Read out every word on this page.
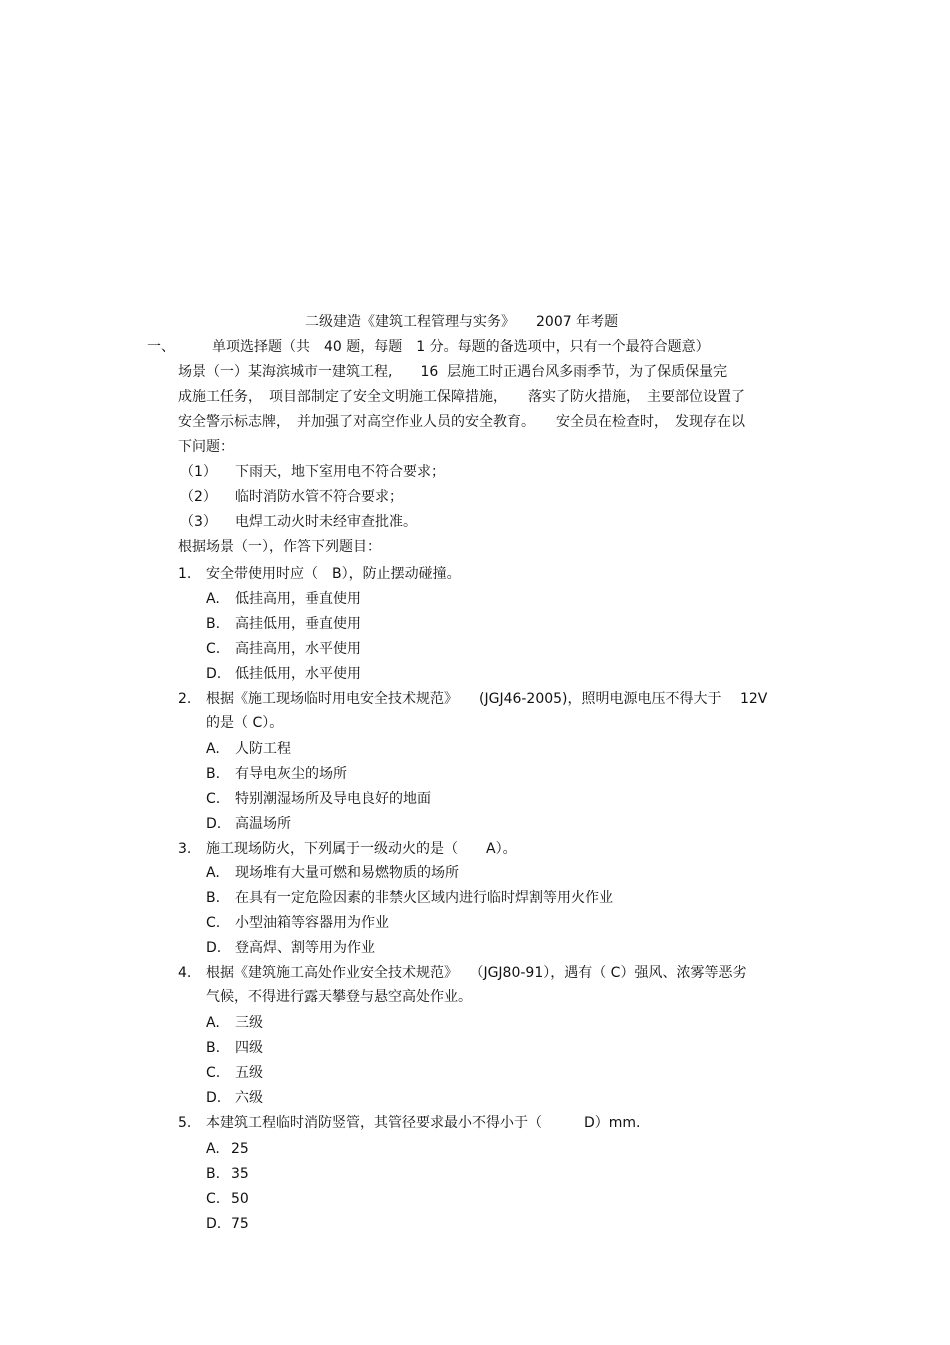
二级建造《建筑工程管理与实务》　　2007 年考题
一、	单项选择题（共　40 题，每题　1 分。每题的备选项中，只有一个最符合题意）
场景（一）某海滨城市一建筑工程,　　16  层施工时正遇台风多雨季节，为了保质保量完
成施工任务，　项目部制定了安全文明施工保障措施，　　落实了防火措施，　主要部位设置了
安全警示标志牌，　并加强了对高空作业人员的安全教育。　　安全员在检查时，　发现存在以
下问题：
（1） 下雨天，地下室用电不符合要求；
（2） 临时消防水管不符合要求；
（3） 电焊工动火时未经审查批准。
根据场景（一），作答下列题目：
1. 安全带使用时应（　B），防止摆动碰撞。
A. 低挂高用，垂直使用
B. 高挂低用，垂直使用
C. 高挂高用，水平使用
D. 低挂低用，水平使用
2. 根据《施工现场临时用电安全技术规范》　　(JGJ46-2005)，照明电源电压不得大于　 12V
的是（ C）。
A. 人防工程
B. 有导电灰尘的场所
C. 特别潮湿场所及导电良好的地面
D. 高温场所
3. 施工现场防火，下列属于一级动火的是（　　A）。
A. 现场堆有大量可燃和易燃物质的场所
B. 在具有一定危险因素的非禁火区域内进行临时焊割等用火作业
C. 小型油箱等容器用为作业
D. 登高焊、割等用为作业
4. 根据《建筑施工高处作业安全技术规范》　 （JGJ80-91），遇有（ C）强风、浓雾等恶劣
气候，不得进行露天攀登与悬空高处作业。
A. 三级
B. 四级
C. 五级
D. 六级
5. 本建筑工程临时消防竖管，其管径要求最小不得小于（　　　D）mm.
A. 25
B. 35
C. 50
D. 75
